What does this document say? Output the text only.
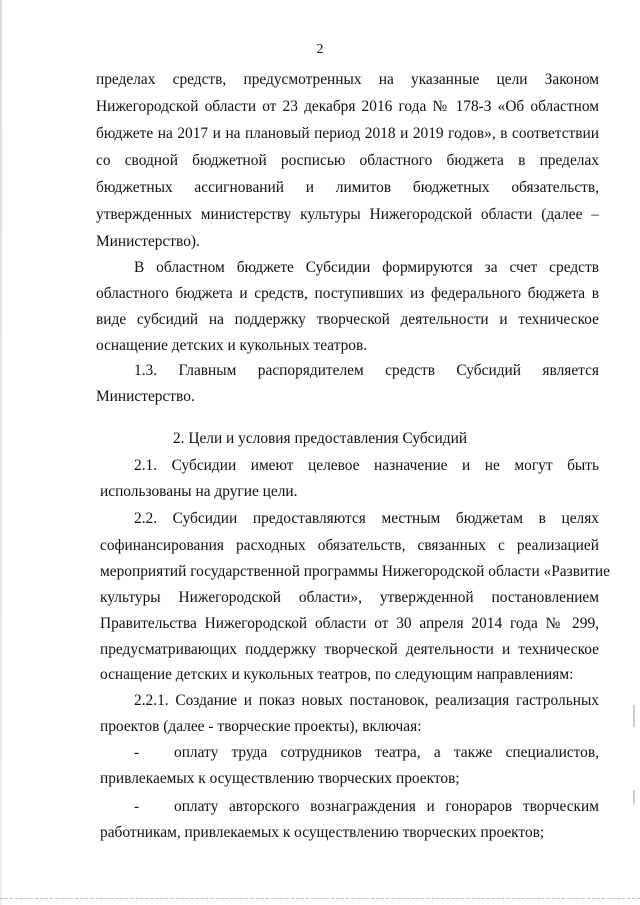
2
пределах средств, предусмотренных на указанные цели Законом
Нижегородской области от 23 декабря 2016 года № 178-З «Об областном
бюджете на 2017 и на плановый период 2018 и 2019 годов», в соответствии
со сводной бюджетной росписью областного бюджета в пределах
бюджетных ассигнований и лимитов бюджетных обязательств,
утвержденных министерству культуры Нижегородской области (далее –
Министерство).
В областном бюджете Субсидии формируются за счет средств
областного бюджета и средств, поступивших из федерального бюджета в
виде субсидий на поддержку творческой деятельности и техническое
оснащение детских и кукольных театров.
1.3. Главным распорядителем средств Субсидий является
Министерство.
2. Цели и условия предоставления Субсидий
2.1. Субсидии имеют целевое назначение и не могут быть
использованы на другие цели.
2.2. Субсидии предоставляются местным бюджетам в целях
софинансирования расходных обязательств, связанных с реализацией
мероприятий государственной программы Нижегородской области «Развитие
культуры Нижегородской области», утвержденной постановлением
Правительства Нижегородской области от 30 апреля 2014 года № 299,
предусматривающих поддержку творческой деятельности и техническое
оснащение детских и кукольных театров, по следующим направлениям:
2.2.1. Создание и показ новых постановок, реализация гастрольных
проектов (далее - творческие проекты), включая:
- оплату труда сотрудников театра, а также специалистов,
привлекаемых к осуществлению творческих проектов;
- оплату авторского вознаграждения и гонораров творческим
работникам, привлекаемых к осуществлению творческих проектов;
